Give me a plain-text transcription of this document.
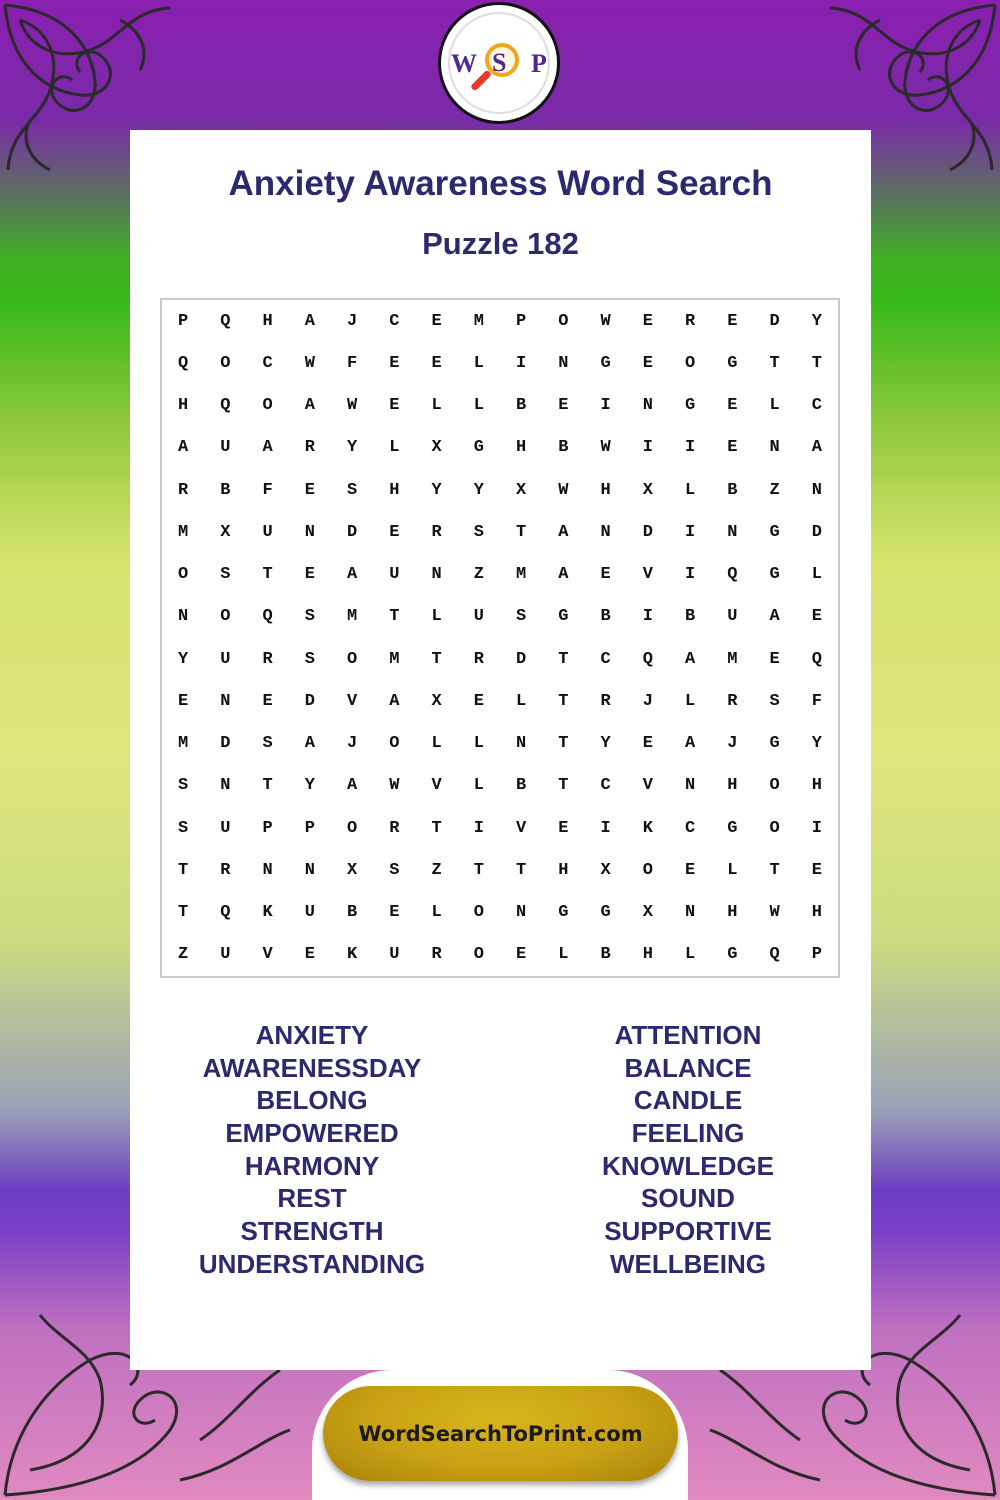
W S P
Anxiety Awareness Word Search
Puzzle 182
P	Q	H	A	J	C	E	M	P	O	W	E	R	E	D	Y
Q	O	C	W	F	E	E	L	I	N	G	E	O	G	T	T
H	Q	O	A	W	E	L	L	B	E	I	N	G	E	L	C
A	U	A	R	Y	L	X	G	H	B	W	I	I	E	N	A
R	B	F	E	S	H	Y	Y	X	W	H	X	L	B	Z	N
M	X	U	N	D	E	R	S	T	A	N	D	I	N	G	D
O	S	T	E	A	U	N	Z	M	A	E	V	I	Q	G	L
N	O	Q	S	M	T	L	U	S	G	B	I	B	U	A	E
Y	U	R	S	O	M	T	R	D	T	C	Q	A	M	E	Q
E	N	E	D	V	A	X	E	L	T	R	J	L	R	S	F
M	D	S	A	J	O	L	L	N	T	Y	E	A	J	G	Y
S	N	T	Y	A	W	V	L	B	T	C	V	N	H	O	H
S	U	P	P	O	R	T	I	V	E	I	K	C	G	O	I
T	R	N	N	X	S	Z	T	T	H	X	O	E	L	T	E
T	Q	K	U	B	E	L	O	N	G	G	X	N	H	W	H
Z	U	V	E	K	U	R	O	E	L	B	H	L	G	Q	P
ANXIETY
AWARENESSDAY
BELONG
EMPOWERED
HARMONY
REST
STRENGTH
UNDERSTANDING
ATTENTION
BALANCE
CANDLE
FEELING
KNOWLEDGE
SOUND
SUPPORTIVE
WELLBEING
WordSearchToPrint.com
